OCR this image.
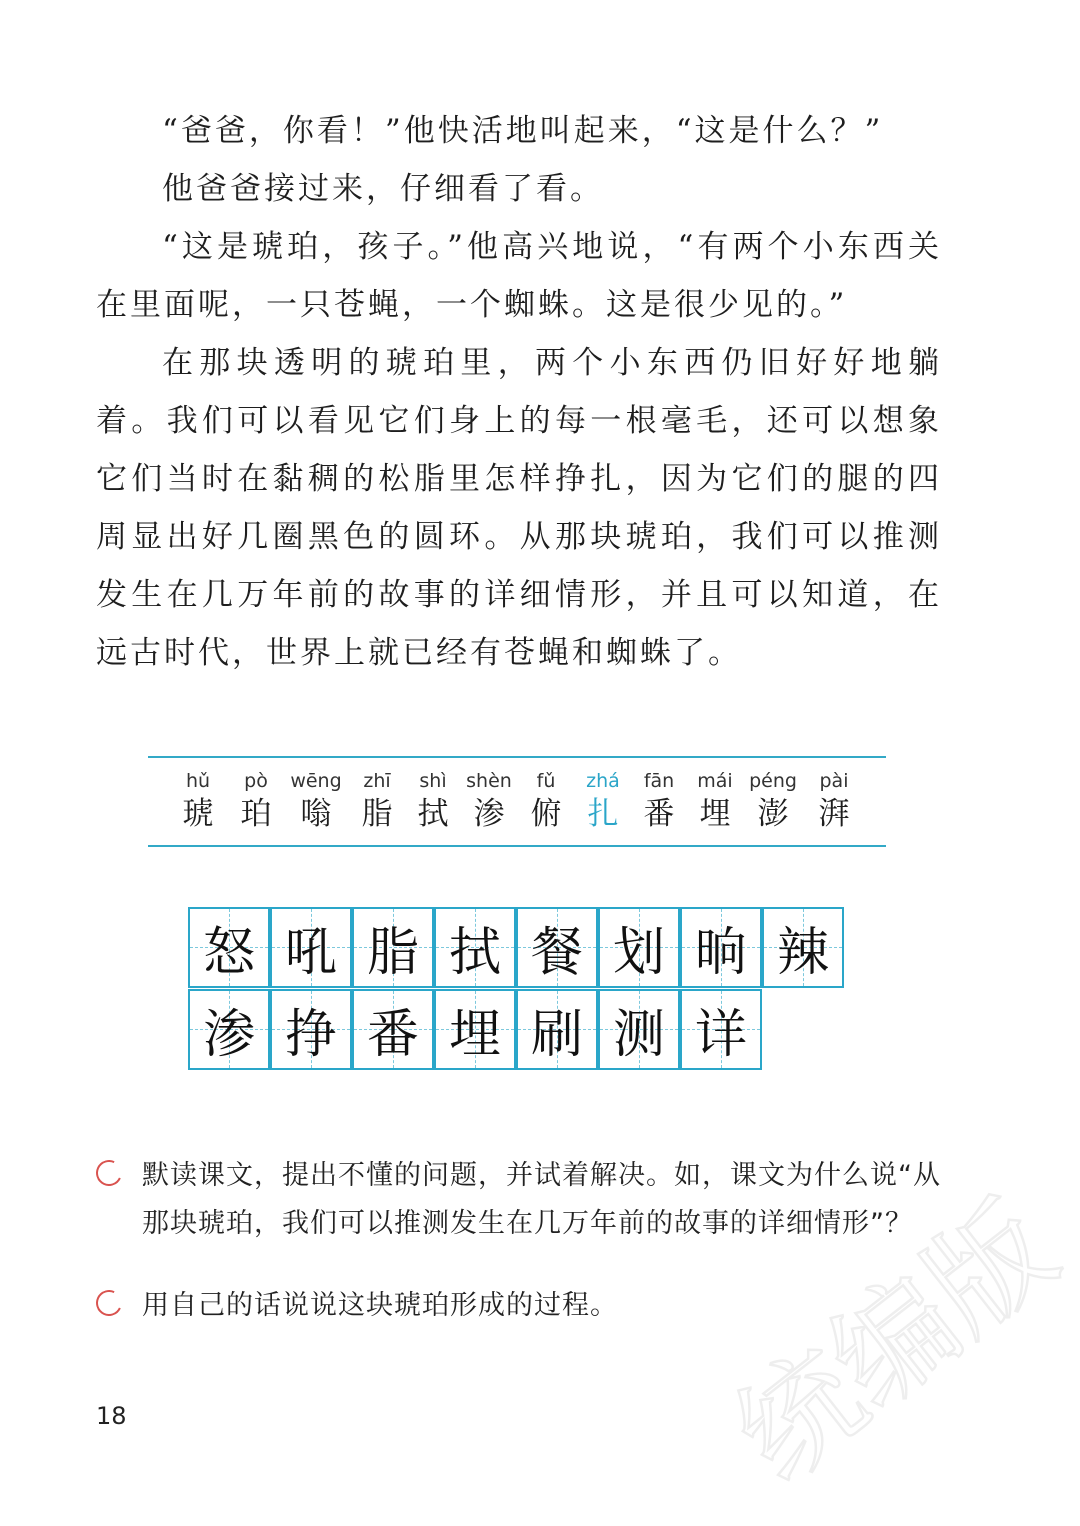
“爸爸，你看！”他快活地叫起来，“这是什么？”

他爸爸接过来，仔细看了看。

“这是琥珀，孩子。”他高兴地说，“有两个小东西关在里面呢，一只苍蝇，一个蜘蛛。这是很少见的。”

在那块透明的琥珀里，两个小东西仍旧好好地躺着。我们可以看见它们身上的每一根毫毛，还可以想象它们当时在黏稠的松脂里怎样挣扎，因为它们的腿的四周显出好几圈黑色的圆环。从那块琥珀，我们可以推测发生在几万年前的故事的详细情形，并且可以知道，在远古时代，世界上就已经有苍蝇和蜘蛛了。

hǔ
琥
pò
珀
wēng
嗡
zhī
脂
shì
拭
shèn
渗
fǔ
俯
zhá
扎
fān
番
mái
埋
péng
澎
pài
湃
怒 吼 脂 拭 餐 划 晌 辣
渗 挣 番 埋 刷 测 详

默读课文，提出不懂的问题，并试着解决。如，课文为什么说“从那块琥珀，我们可以推测发生在几万年前的故事的详细情形”？

用自己的话说说这块琥珀形成的过程。

18	统编版
